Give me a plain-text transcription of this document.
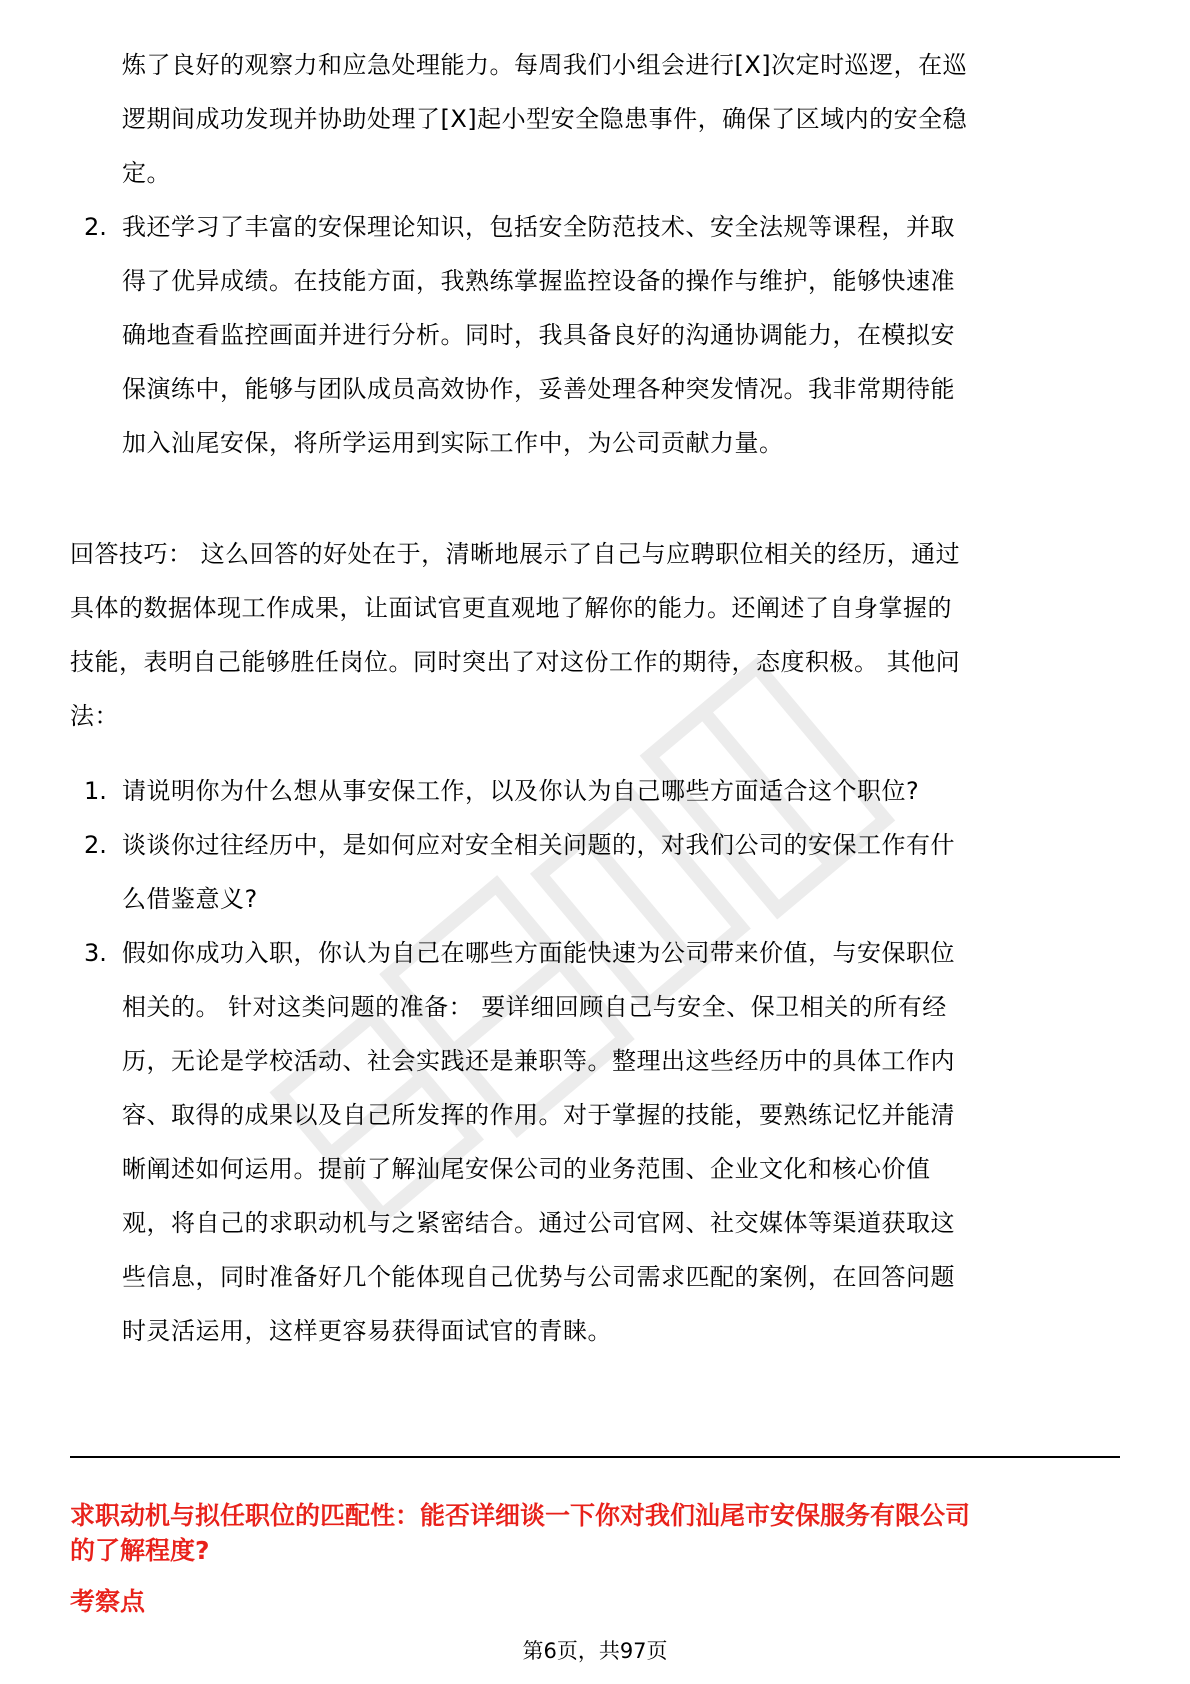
炼了良好的观察力和应急处理能力。每周我们小组会进行[X]次定时巡逻，在巡
逻期间成功发现并协助处理了[X]起小型安全隐患事件，确保了区域内的安全稳
定。
2. 我还学习了丰富的安保理论知识，包括安全防范技术、安全法规等课程，并取
得了优异成绩。在技能方面，我熟练掌握监控设备的操作与维护，能够快速准
确地查看监控画面并进行分析。同时，我具备良好的沟通协调能力，在模拟安
保演练中，能够与团队成员高效协作，妥善处理各种突发情况。我非常期待能
加入汕尾安保，将所学运用到实际工作中，为公司贡献力量。
回答技巧： 这么回答的好处在于，清晰地展示了自己与应聘职位相关的经历，通过
具体的数据体现工作成果，让面试官更直观地了解你的能力。还阐述了自身掌握的
技能，表明自己能够胜任岗位。同时突出了对这份工作的期待，态度积极。 其他问
法：
1. 请说明你为什么想从事安保工作，以及你认为自己哪些方面适合这个职位?
2. 谈谈你过往经历中，是如何应对安全相关问题的，对我们公司的安保工作有什
么借鉴意义?
3. 假如你成功入职，你认为自己在哪些方面能快速为公司带来价值，与安保职位
相关的。 针对这类问题的准备： 要详细回顾自己与安全、保卫相关的所有经
历，无论是学校活动、社会实践还是兼职等。整理出这些经历中的具体工作内
容、取得的成果以及自己所发挥的作用。对于掌握的技能，要熟练记忆并能清
晰阐述如何运用。提前了解汕尾安保公司的业务范围、企业文化和核心价值
观，将自己的求职动机与之紧密结合。通过公司官网、社交媒体等渠道获取这
些信息，同时准备好几个能体现自己优势与公司需求匹配的案例，在回答问题
时灵活运用，这样更容易获得面试官的青睐。
求职动机与拟任职位的匹配性：能否详细谈一下你对我们汕尾市安保服务有限公司
的了解程度?
考察点
第6页，共97页
